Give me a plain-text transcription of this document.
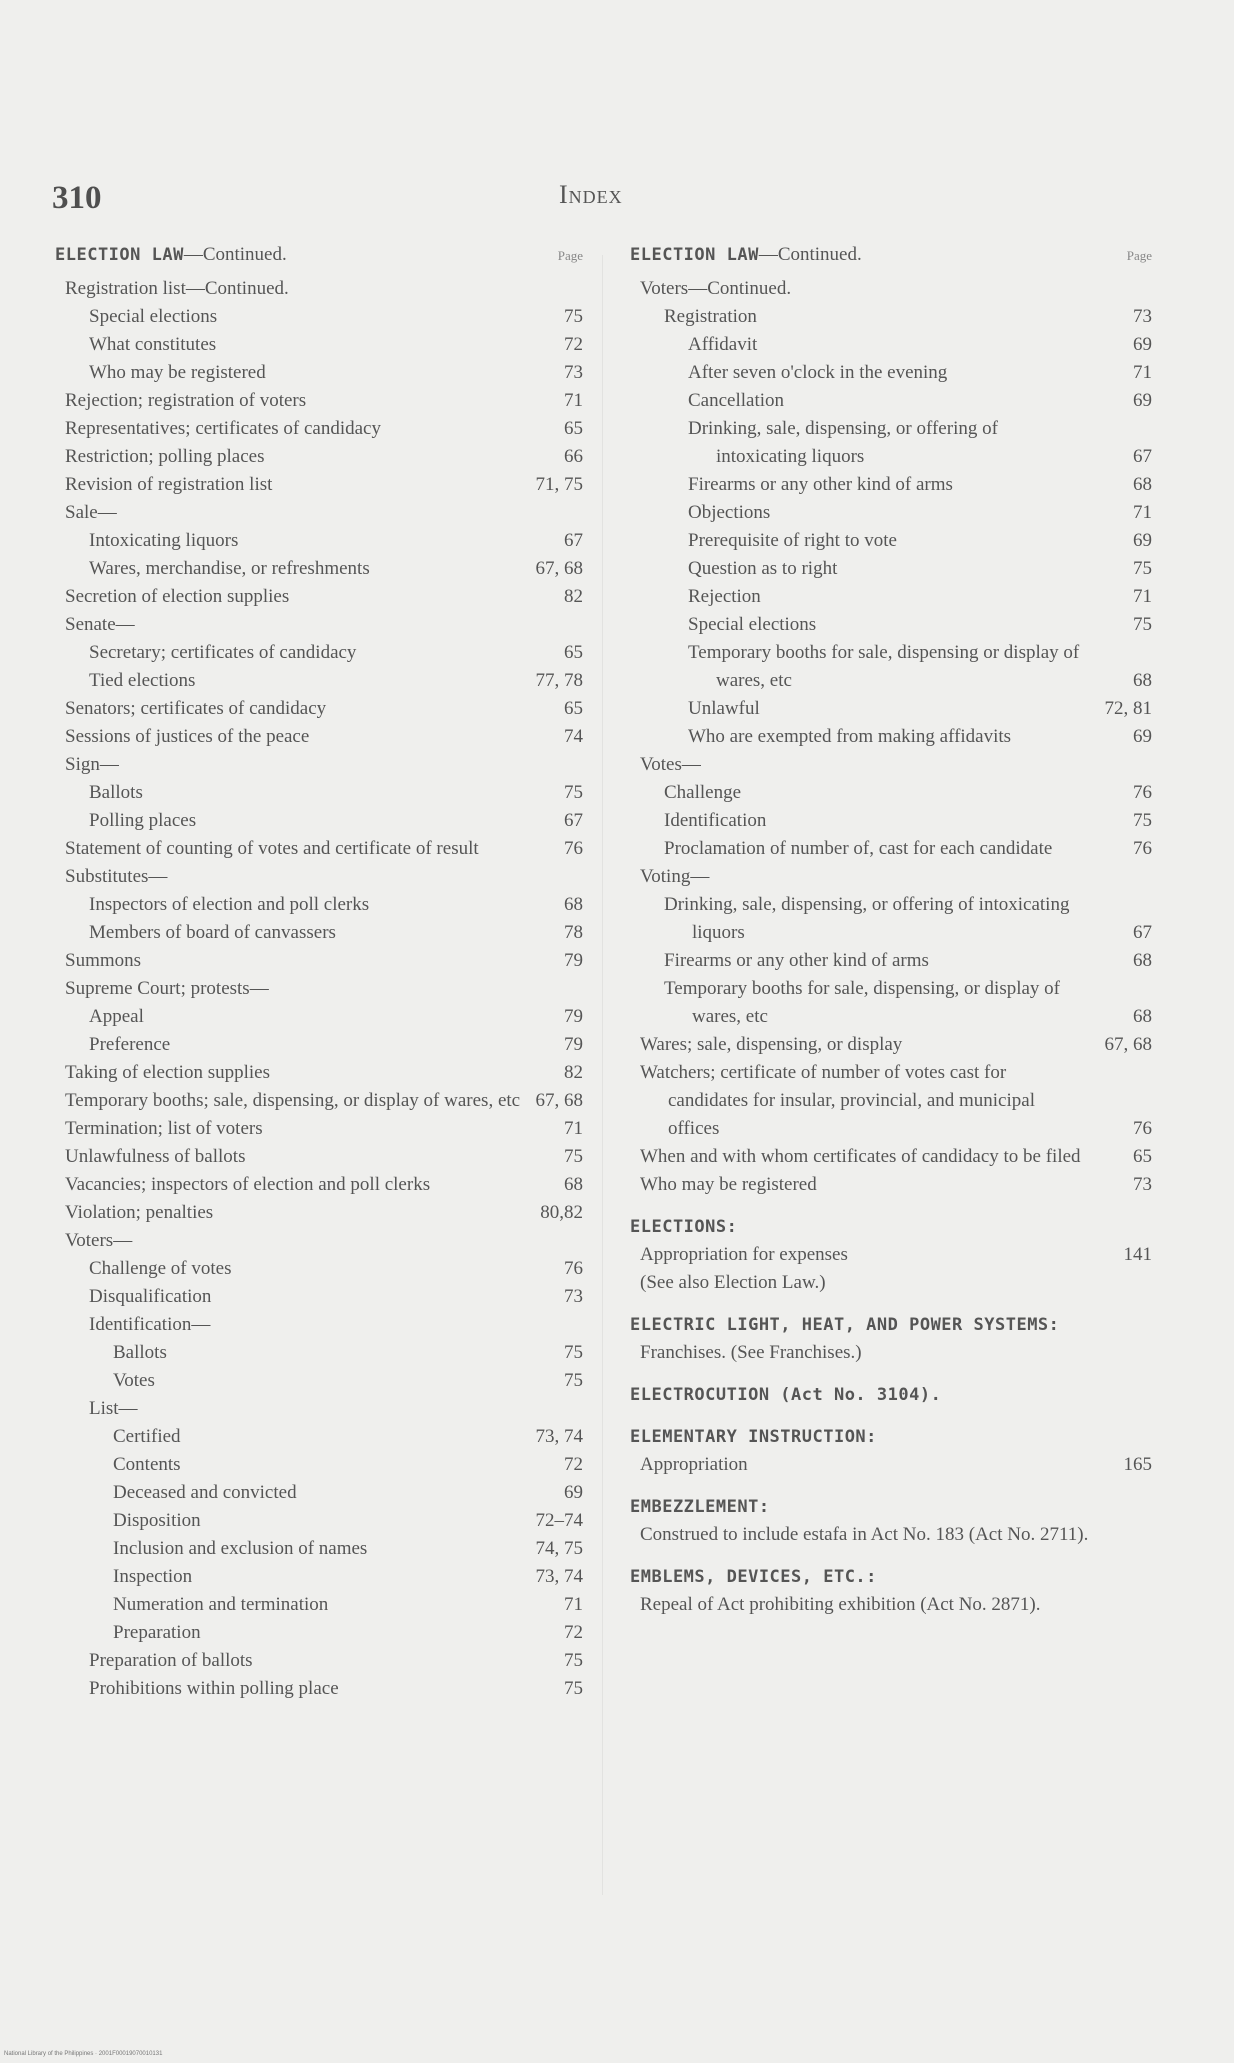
310	Index
ELECTION LAW—Continued.	Page
Registration list—Continued.
Special elections	75
What constitutes	72
Who may be registered	73
Rejection; registration of voters	71
Representatives; certificates of candidacy	65
Restriction; polling places	66
Revision of registration list	71, 75
Sale—
Intoxicating liquors	67
Wares, merchandise, or refreshments	67, 68
Secretion of election supplies	82
Senate—
Secretary; certificates of candidacy	65
Tied elections	77, 78
Senators; certificates of candidacy	65
Sessions of justices of the peace	74
Sign—
Ballots	75
Polling places	67
Statement of counting of votes and certificate of result	76
Substitutes—
Inspectors of election and poll clerks	68
Members of board of canvassers	78
Summons	79
Supreme Court; protests—
Appeal	79
Preference	79
Taking of election supplies	82
Temporary booths; sale, dispensing, or display of wares, etc 67, 68
Termination; list of voters	71
Unlawfulness of ballots	75
Vacancies; inspectors of election and poll clerks	68
Violation; penalties	80,82
Voters—
Challenge of votes	76
Disqualification	73
Identification—
Ballots	75
Votes	75
List—
Certified	73, 74
Contents	72
Deceased and convicted	69
Disposition	72–74
Inclusion and exclusion of names	74, 75
Inspection	73, 74
Numeration and termination	71
Preparation	72
Preparation of ballots	75
Prohibitions within polling place	75
ELECTION LAW—Continued.	Page
Voters—Continued.
Registration	73
Affidavit	69
After seven o'clock in the evening	71
Cancellation	69
Drinking, sale, dispensing, or offering of intoxicating liquors	67
Firearms or any other kind of arms	68
Objections	71
Prerequisite of right to vote	69
Question as to right	75
Rejection	71
Special elections	75
Temporary booths for sale, dispensing or display of wares, etc	68
Unlawful	72, 81
Who are exempted from making affidavits	69
Votes—
Challenge	76
Identification	75
Proclamation of number of, cast for each candidate	76
Voting—
Drinking, sale, dispensing, or offering of intoxicating liquors	67
Firearms or any other kind of arms	68
Temporary booths for sale, dispensing, or display of wares, etc	68
Wares; sale, dispensing, or display	67, 68
Watchers; certificate of number of votes cast for candidates for insular, provincial, and municipal offices	76
When and with whom certificates of candidacy to be filed	65
Who may be registered	73
ELECTIONS:
Appropriation for expenses	141
(See also Election Law.)
ELECTRIC LIGHT, HEAT, AND POWER SYSTEMS:
Franchises. (See Franchises.)
ELECTROCUTION (Act No. 3104).
ELEMENTARY INSTRUCTION:
Appropriation	165
EMBEZZLEMENT:
Construed to include estafa in Act No. 183 (Act No. 2711).
EMBLEMS, DEVICES, ETC.:
Repeal of Act prohibiting exhibition (Act No. 2871).
National Library of the Philippines · 2001F00019070010131
